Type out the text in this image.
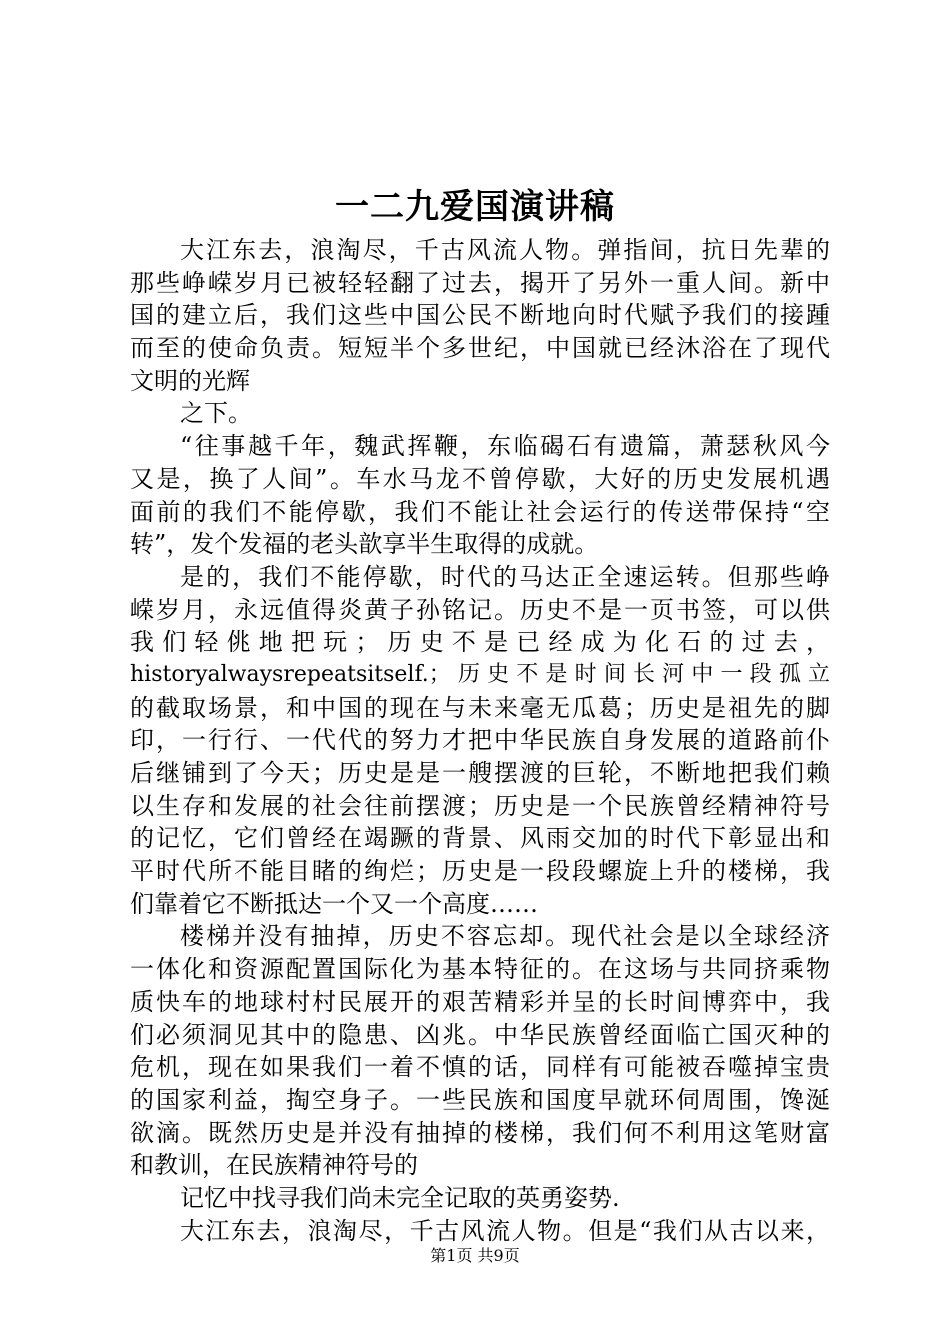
一二九爱国演讲稿
大江东去，浪淘尽，千古风流人物。弹指间，抗日先辈的
那些峥嵘岁月已被轻轻翻了过去，揭开了另外一重人间。新中
国的建立后，我们这些中国公民不断地向时代赋予我们的接踵
而至的使命负责。短短半个多世纪，中国就已经沐浴在了现代
文明的光辉
之下。
“往事越千年，魏武挥鞭，东临碣石有遗篇，萧瑟秋风今
又是，换了人间”。车水马龙不曾停歇，大好的历史发展机遇
面前的我们不能停歇，我们不能让社会运行的传送带保持“空
转”，发个发福的老头歆享半生取得的成就。
是的，我们不能停歇，时代的马达正全速运转。但那些峥
嵘岁月，永远值得炎黄子孙铭记。历史不是一页书签，可以供
我们轻佻地把玩；历史不是已经成为化石的过去，
historyalwaysrepeatsitself.；历史不是时间长河中一段孤立
的截取场景，和中国的现在与未来毫无瓜葛；历史是祖先的脚
印，一行行、一代代的努力才把中华民族自身发展的道路前仆
后继铺到了今天；历史是是一艘摆渡的巨轮，不断地把我们赖
以生存和发展的社会往前摆渡；历史是一个民族曾经精神符号
的记忆，它们曾经在竭蹶的背景、风雨交加的时代下彰显出和
平时代所不能目睹的绚烂；历史是一段段螺旋上升的楼梯，我
们靠着它不断抵达一个又一个高度……
楼梯并没有抽掉，历史不容忘却。现代社会是以全球经济
一体化和资源配置国际化为基本特征的。在这场与共同挤乘物
质快车的地球村村民展开的艰苦精彩并呈的长时间博弈中，我
们必须洞见其中的隐患、凶兆。中华民族曾经面临亡国灭种的
危机，现在如果我们一着不慎的话，同样有可能被吞噬掉宝贵
的国家利益，掏空身子。一些民族和国度早就环伺周围，馋涎
欲滴。既然历史是并没有抽掉的楼梯，我们何不利用这笔财富
和教训，在民族精神符号的
记忆中找寻我们尚未完全记取的英勇姿势.
大江东去，浪淘尽，千古风流人物。但是“我们从古以来，
第1页 共9页
